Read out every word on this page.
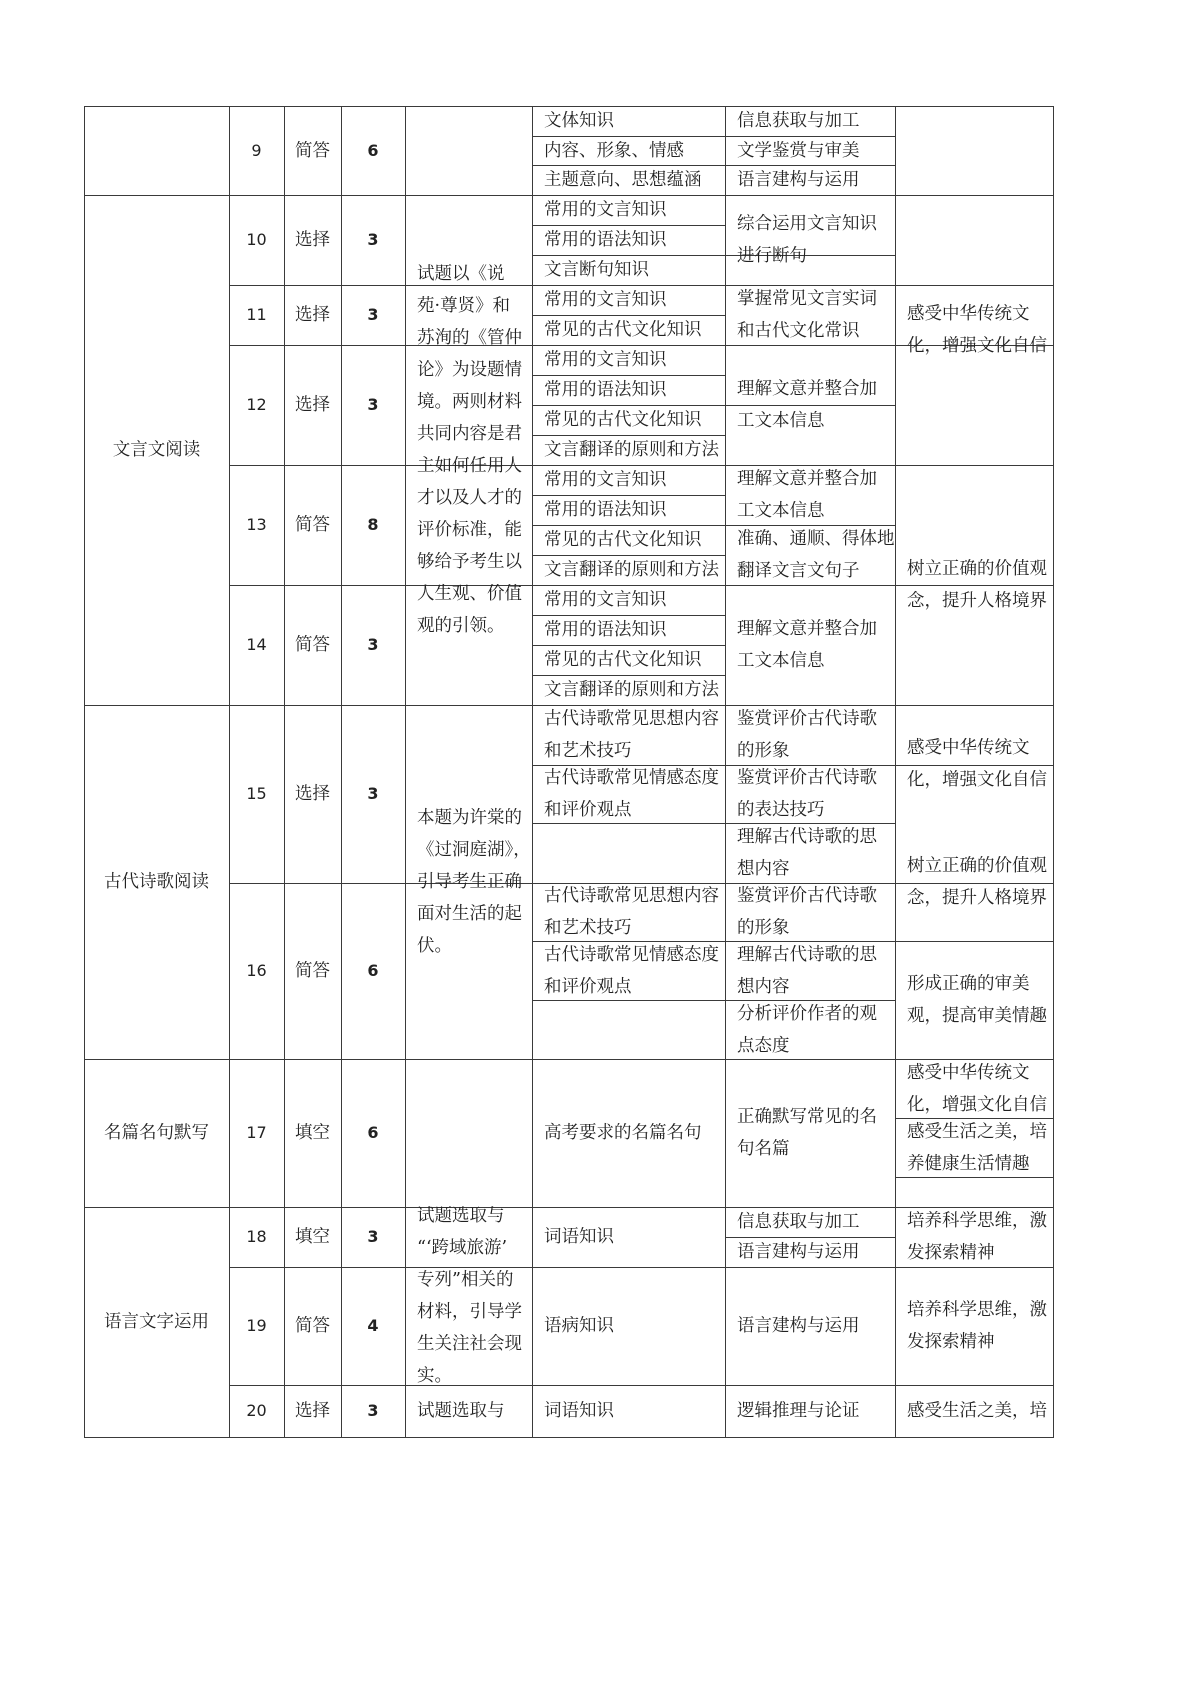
文言文阅读
古代诗歌阅读
名篇名句默写
语言文字运用
9 简答 6
10 选择 3
11 选择 3
12 选择 3
13 简答 8
14 简答 3
15 选择 3
16 简答 6
17 填空 6
18 填空 3
19 简答 4
20 选择 3
试题以《说
苑·尊贤》和
苏洵的《管仲
论》为设题情
境。两则材料
共同内容是君
主如何任用人
才以及人才的
评价标准，能
够给予考生以
人生观、价值
观的引领。
本题为许棠的
《过洞庭湖》，
引导考生正确
面对生活的起
伏。
试题选取与
“‘跨域旅游’
专列”相关的
材料，引导学
生关注社会现
实。
试题选取与
文体知识
内容、形象、情感
主题意向、思想蕴涵
常用的文言知识
常用的语法知识
文言断句知识
常用的文言知识
常见的古代文化知识
常用的文言知识
常用的语法知识
常见的古代文化知识
文言翻译的原则和方法
常用的文言知识
常用的语法知识
常见的古代文化知识
文言翻译的原则和方法
常用的文言知识
常用的语法知识
常见的古代文化知识
文言翻译的原则和方法
古代诗歌常见思想内容
和艺术技巧
古代诗歌常见情感态度
和评价观点
古代诗歌常见思想内容
和艺术技巧
古代诗歌常见情感态度
和评价观点
高考要求的名篇名句
词语知识
语病知识
词语知识
信息获取与加工
文学鉴赏与审美
语言建构与运用
综合运用文言知识
进行断句
掌握常见文言实词
和古代文化常识
理解文意并整合加
工文本信息
理解文意并整合加
工文本信息
准确、通顺、得体地
翻译文言文句子
理解文意并整合加
工文本信息
鉴赏评价古代诗歌
的形象
鉴赏评价古代诗歌
的表达技巧
理解古代诗歌的思
想内容
鉴赏评价古代诗歌
的形象
理解古代诗歌的思
想内容
分析评价作者的观
点态度
正确默写常见的名
句名篇
信息获取与加工
语言建构与运用
语言建构与运用
逻辑推理与论证
感受中华传统文
化，增强文化自信
树立正确的价值观
念，提升人格境界
感受中华传统文
化，增强文化自信
树立正确的价值观
念，提升人格境界
形成正确的审美
观，提高审美情趣
感受中华传统文
化，增强文化自信
感受生活之美，培
养健康生活情趣
培养科学思维，激
发探索精神
培养科学思维，激
发探索精神
感受生活之美，培
